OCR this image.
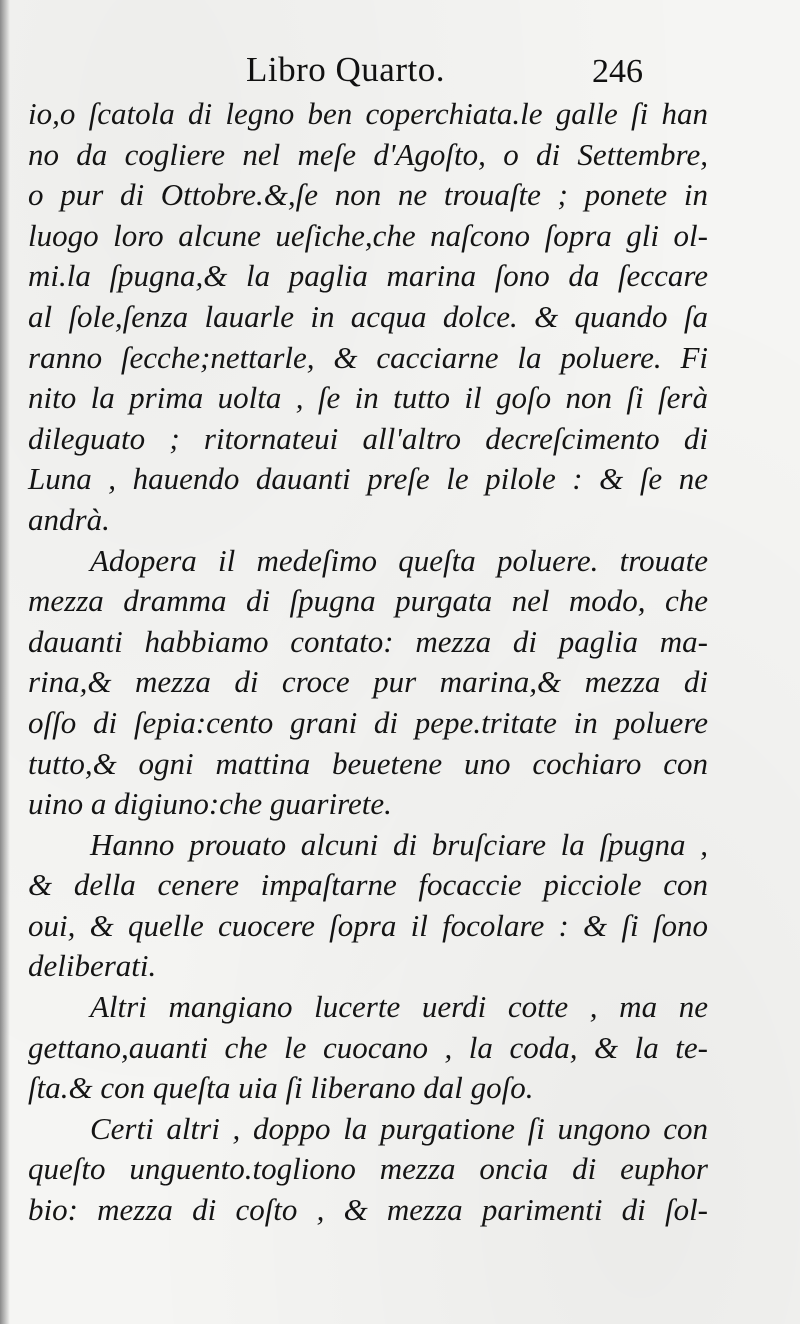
Libro Quarto.	246
io,o ſcatola di legno ben coperchiata.le galle ſi han
no da cogliere nel meſe d'Agoſto, o di Settembre,
o pur di Ottobre.&,ſe non ne trouaſte ; ponete in
luogo loro alcune ueſiche,che naſcono ſopra gli ol-
mi.la ſpugna,& la paglia marina ſono da ſeccare
al ſole,ſenza lauarle in acqua dolce. & quando ſa
ranno ſecche;nettarle, & cacciarne la poluere. Fi
nito la prima uolta , ſe in tutto il goſo non ſi ſerà
dileguato ; ritornateui all'altro decreſcimento di
Luna , hauendo dauanti preſe le pilole : & ſe ne
andrà.
Adopera il medeſimo queſta poluere. trouate
mezza dramma di ſpugna purgata nel modo, che
dauanti habbiamo contato: mezza di paglia ma-
rina,& mezza di croce pur marina,& mezza di
oſſo di ſepia:cento grani di pepe.tritate in poluere
tutto,& ogni mattina beuetene uno cochiaro con
uino a digiuno:che guarirete.
Hanno prouato alcuni di bruſciare la ſpugna ,
& della cenere impaſtarne focaccie picciole con
oui, & quelle cuocere ſopra il focolare : & ſi ſono
deliberati.
Altri mangiano lucerte uerdi cotte , ma ne
gettano,auanti che le cuocano , la coda, & la te-
ſta.& con queſta uia ſi liberano dal goſo.
Certi altri , doppo la purgatione ſi ungono con
queſto unguento.togliono mezza oncia di euphor
bio: mezza di coſto , & mezza parimenti di ſol-
